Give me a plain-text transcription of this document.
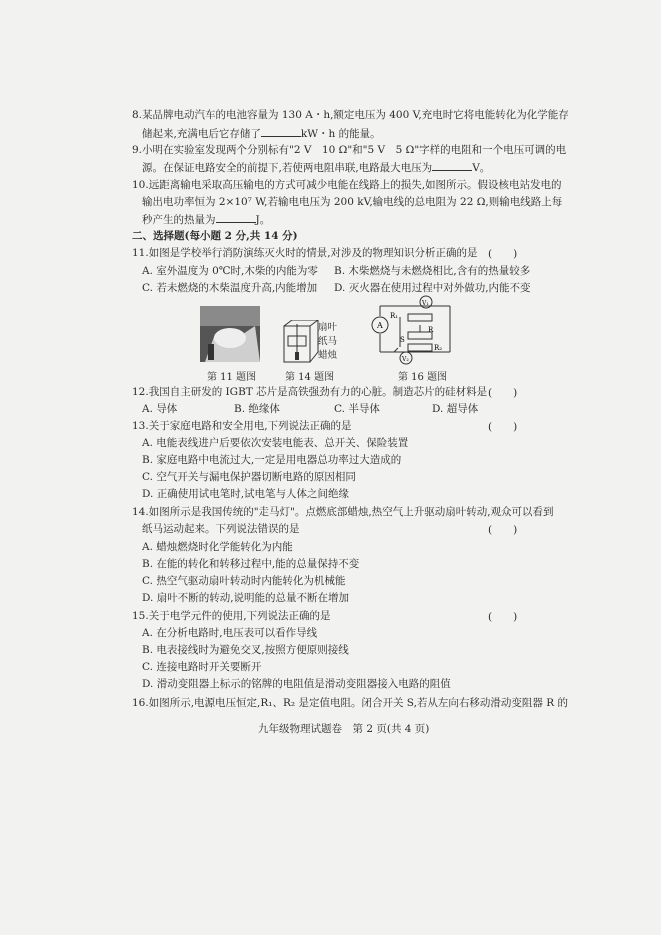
8.某品牌电动汽车的电池容量为 130 A・h,额定电压为 400 V,充电时它将电能转化为化学能存
储起来,充满电后它存储了	kW・h 的能量。
9.小明在实验室发现两个分别标有"2 V　10 Ω"和"5 V　5 Ω"字样的电阻和一个电压可调的电
源。在保证电路安全的前提下,若使两电阻串联,电路最大电压为	V。
10.远距离输电采取高压输电的方式可减少电能在线路上的损失,如图所示。假设核电站发电的
输出电功率恒为 2×10⁷ W,若输电电压为 200 kV,输电线的总电阻为 22 Ω,则输电线路上每
秒产生的热量为	J。
二、选择题(每小题 2 分,共 14 分)
11.如图是学校举行消防演练灭火时的情景,对涉及的物理知识分析正确的是 (　　)
A. 室外温度为 0℃时,木柴的内能为零 B. 木柴燃烧与未燃烧相比,含有的热量较多
C. 若未燃烧的木柴温度升高,内能增加 D. 灭火器在使用过程中对外做功,内能不变
第 11 题图
扇叶
纸马
蜡烛
第 14 题图
A
V₁
V₂
R₁
R
R₂
S
第 16 题图
12.我国自主研发的 IGBT 芯片是高铁强劲有力的心脏。制造芯片的硅材料是 (　　)
A. 导体	B. 绝缘体	C. 半导体	D. 超导体
13.关于家庭电路和安全用电,下列说法正确的是	(　　)
A. 电能表线进户后要依次安装电能表、总开关、保险装置
B. 家庭电路中电流过大,一定是用电器总功率过大造成的
C. 空气开关与漏电保护器切断电路的原因相同
D. 正确使用试电笔时,试电笔与人体之间绝缘
14.如图所示是我国传统的"走马灯"。点燃底部蜡烛,热空气上升驱动扇叶转动,观众可以看到
纸马运动起来。下列说法错误的是	(　　)
A. 蜡烛燃烧时化学能转化为内能
B. 在能的转化和转移过程中,能的总量保持不变
C. 热空气驱动扇叶转动时内能转化为机械能
D. 扇叶不断的转动,说明能的总量不断在增加
15.关于电学元件的使用,下列说法正确的是	(　　)
A. 在分析电路时,电压表可以看作导线
B. 电表接线时为避免交叉,按照方便原则接线
C. 连接电路时开关要断开
D. 滑动变阻器上标示的铭牌的电阻值是滑动变阻器接入电路的阻值
16.如图所示,电源电压恒定,R₁、R₂ 是定值电阻。闭合开关 S,若从左向右移动滑动变阻器 R 的
九年级物理试题卷　第 2 页(共 4 页)
